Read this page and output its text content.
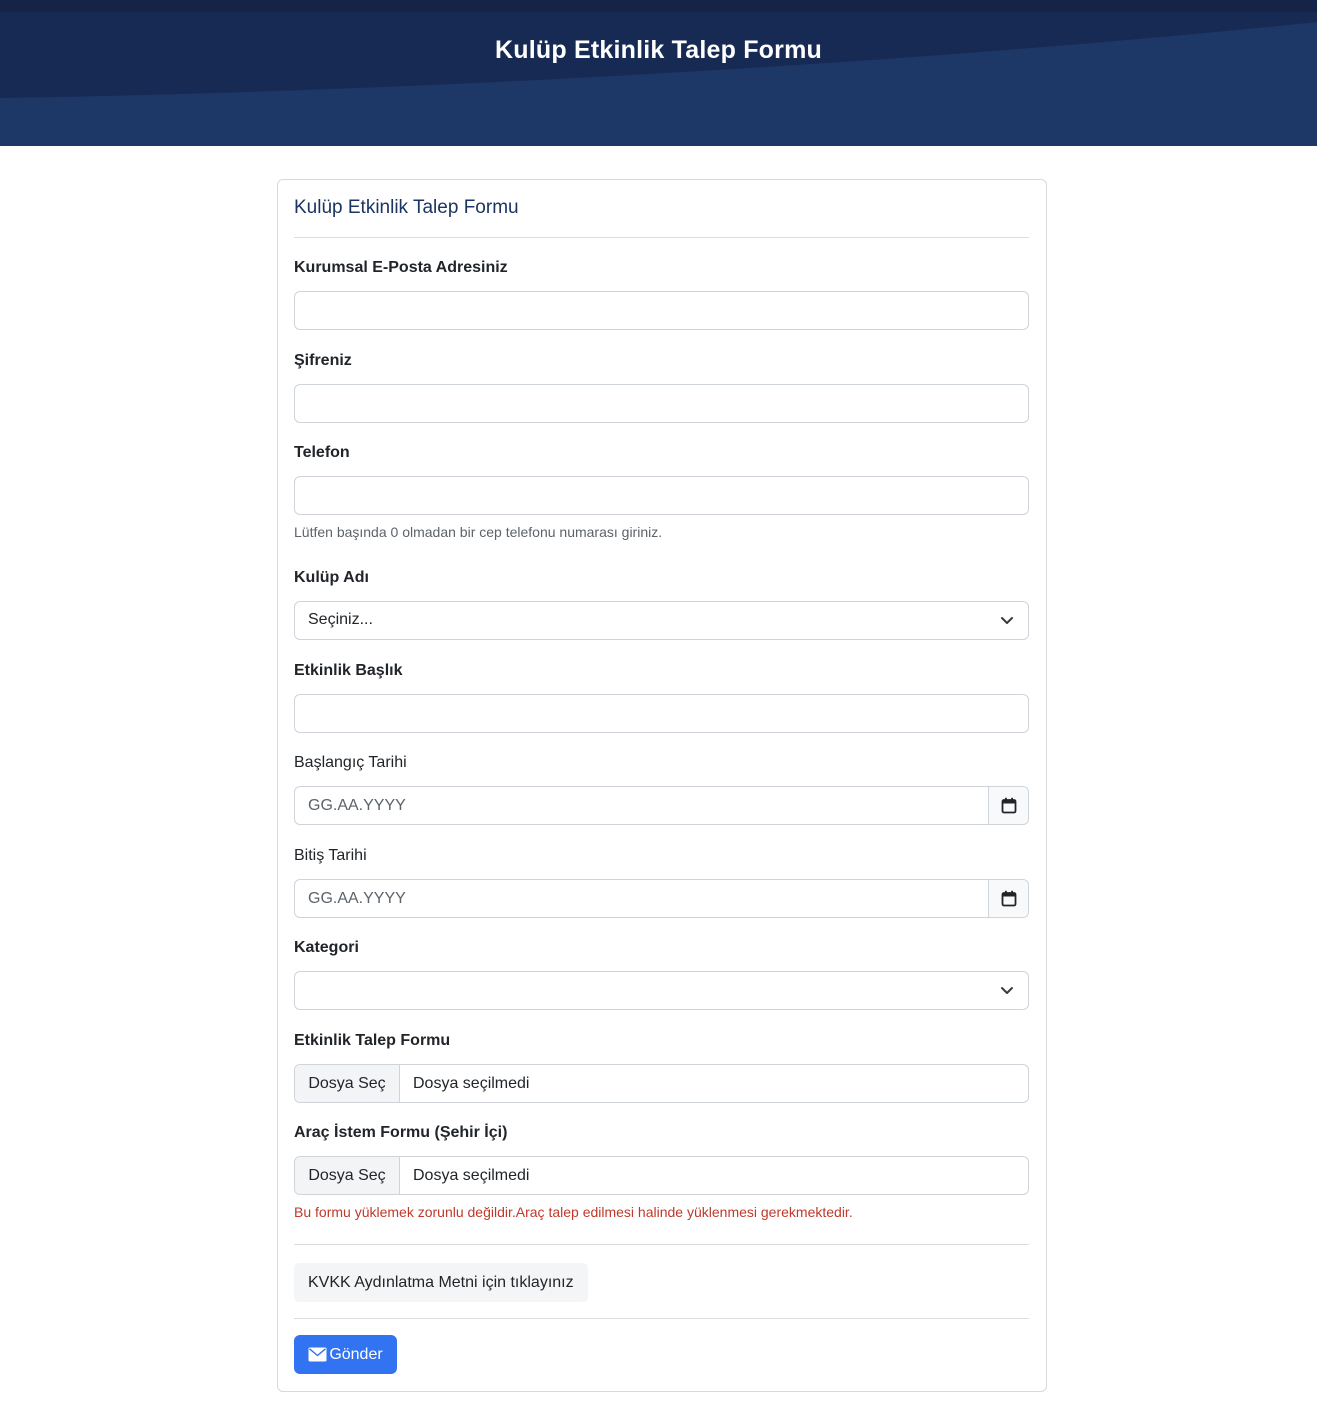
Kulüp Etkinlik Talep Formu
Kulüp Etkinlik Talep Formu
Kurumsal E-Posta Adresiniz
Şifreniz
Telefon
Lütfen başında 0 olmadan bir cep telefonu numarası giriniz.
Kulüp Adı
Seçiniz...
Etkinlik Başlık
Başlangıç Tarihi
GG.AA.YYYY
Bitiş Tarihi
GG.AA.YYYY
Kategori
Etkinlik Talep Formu
Dosya Seç	Dosya seçilmedi
Araç İstem Formu (Şehir İçi)
Dosya Seç	Dosya seçilmedi
Bu formu yüklemek zorunlu değildir.Araç talep edilmesi halinde yüklenmesi gerekmektedir.
KVKK Aydınlatma Metni için tıklayınız
Gönder
